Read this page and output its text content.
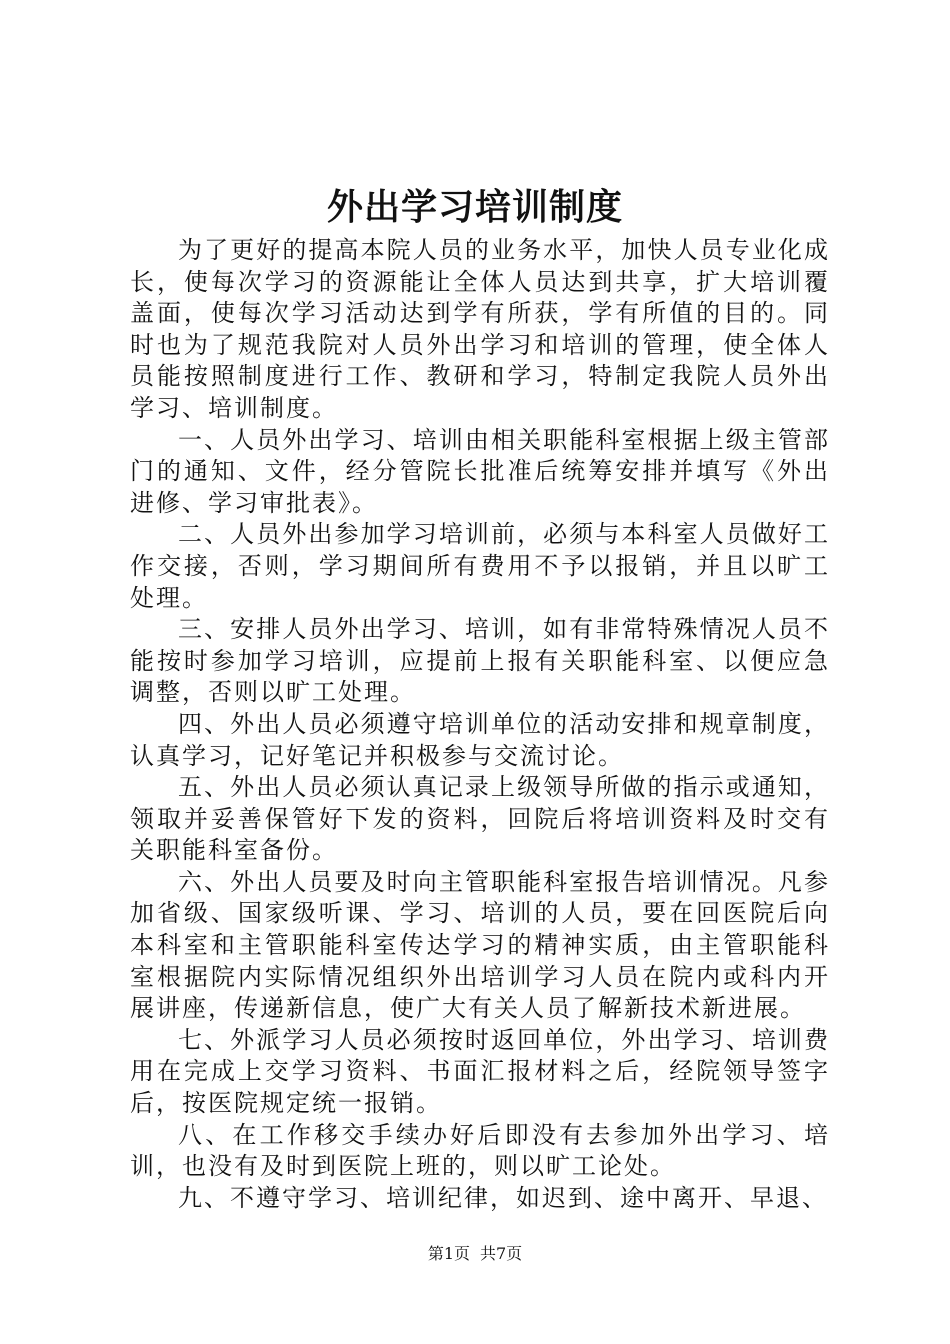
外出学习培训制度

为了更好的提高本院人员的业务水平，加快人员专业化成长，使每次学习的资源能让全体人员达到共享，扩大培训覆盖面，使每次学习活动达到学有所获，学有所值的目的。同时也为了规范我院对人员外出学习和培训的管理，使全体人员能按照制度进行工作、教研和学习，特制定我院人员外出学习、培训制度。

一、人员外出学习、培训由相关职能科室根据上级主管部门的通知、文件，经分管院长批准后统筹安排并填写《外出进修、学习审批表》。

二、人员外出参加学习培训前，必须与本科室人员做好工作交接，否则，学习期间所有费用不予以报销，并且以旷工处理。

三、安排人员外出学习、培训，如有非常特殊情况人员不能按时参加学习培训，应提前上报有关职能科室、以便应急调整，否则以旷工处理。

四、外出人员必须遵守培训单位的活动安排和规章制度，认真学习，记好笔记并积极参与交流讨论。

五、外出人员必须认真记录上级领导所做的指示或通知，领取并妥善保管好下发的资料，回院后将培训资料及时交有关职能科室备份。

六、外出人员要及时向主管职能科室报告培训情况。凡参加省级、国家级听课、学习、培训的人员，要在回医院后向本科室和主管职能科室传达学习的精神实质，由主管职能科室根据院内实际情况组织外出培训学习人员在院内或科内开展讲座，传递新信息，使广大有关人员了解新技术新进展。

七、外派学习人员必须按时返回单位，外出学习、培训费用在完成上交学习资料、书面汇报材料之后，经院领导签字后，按医院规定统一报销。

八、在工作移交手续办好后即没有去参加外出学习、培训，也没有及时到医院上班的，则以旷工论处。

九、不遵守学习、培训纪律，如迟到、途中离开、早退、

第1页 共7页
